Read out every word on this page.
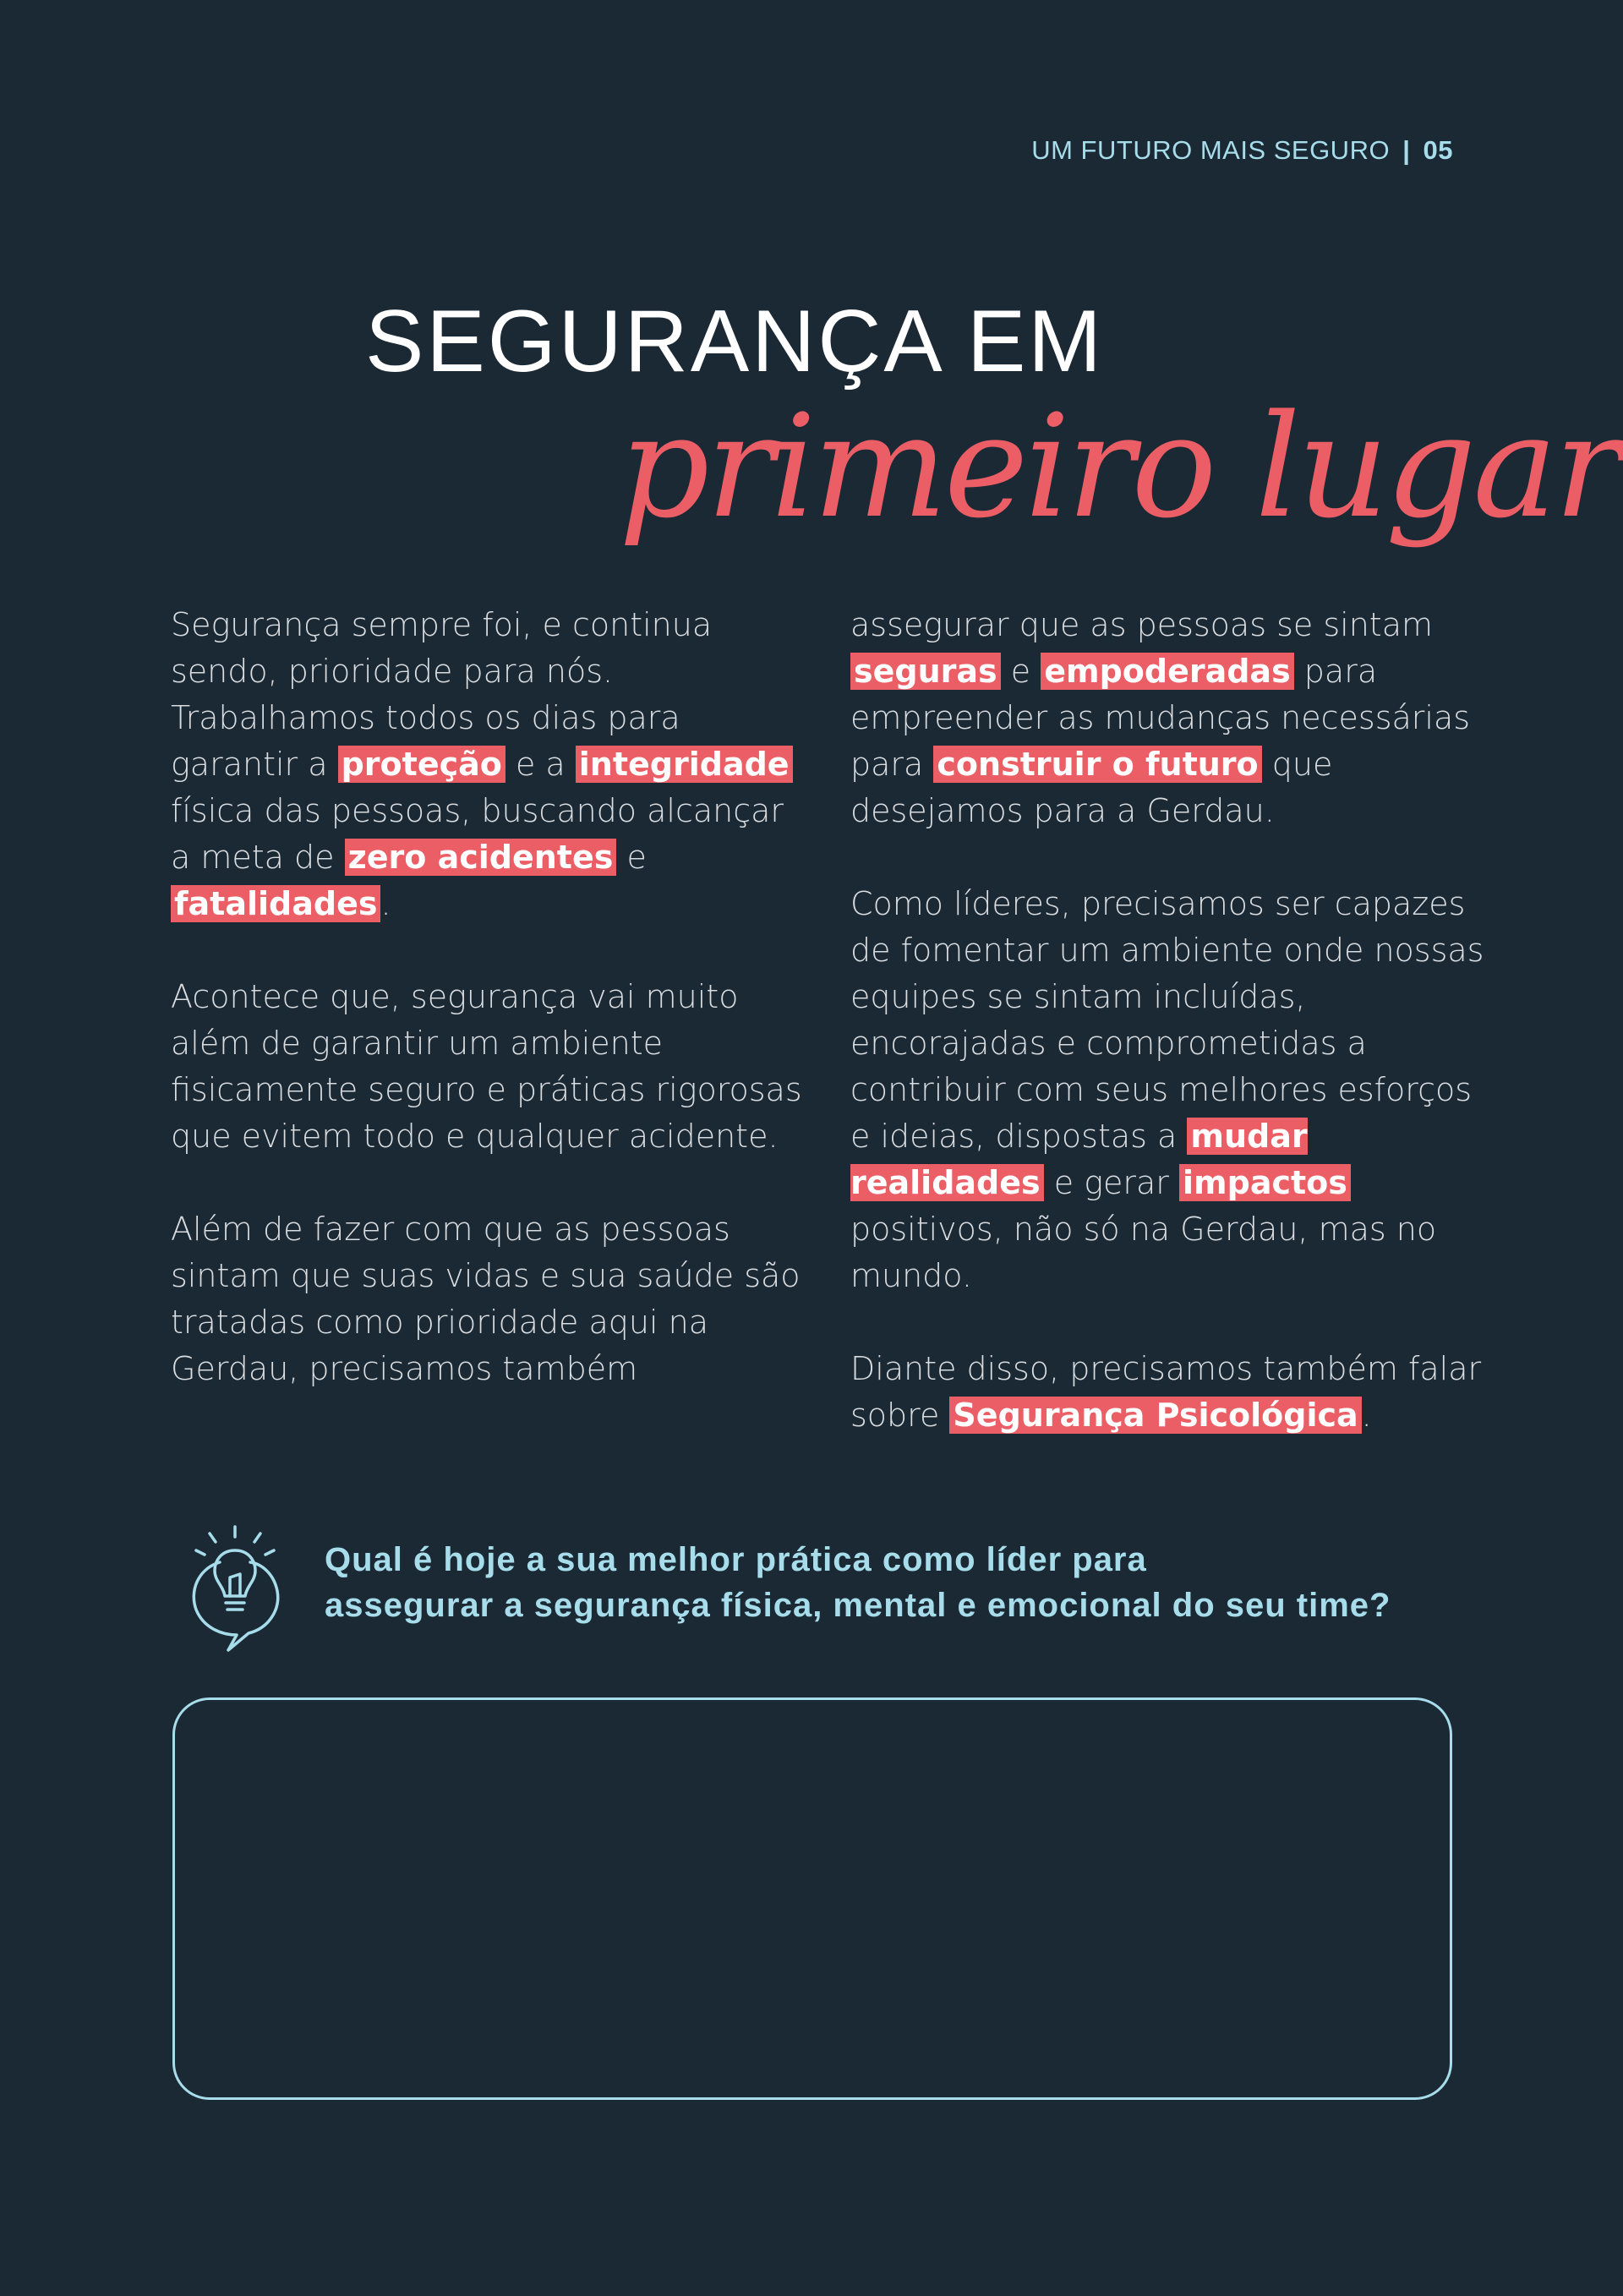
UM FUTURO MAIS SEGURO | 05
SEGURANÇA EM
primeiro lugar

Segurança sempre foi, e continua sendo, prioridade para nós. Trabalhamos todos os dias para garantir a proteção e a integridade física das pessoas, buscando alcançar a meta de zero acidentes e fatalidades .

Acontece que, segurança vai muito além de garantir um ambiente fisicamente seguro e práticas rigorosas que evitem todo e qualquer acidente.

Além de fazer com que as pessoas sintam que suas vidas e sua saúde são tratadas como prioridade aqui na Gerdau, precisamos também

assegurar que as pessoas se sintam seguras e empoderadas para empreender as mudanças necessárias para construir o futuro que desejamos para a Gerdau.

Como líderes, precisamos ser capazes de fomentar um ambiente onde nossas equipes se sintam incluídas, encorajadas e comprometidas a contribuir com seus melhores esforços e ideias, dispostas a mudar realidades e gerar impactos positivos, não só na Gerdau, mas no mundo.

Diante disso, precisamos também falar sobre Segurança Psicológica .

Qual é hoje a sua melhor prática como líder para
assegurar a segurança física, mental e emocional do seu time?
